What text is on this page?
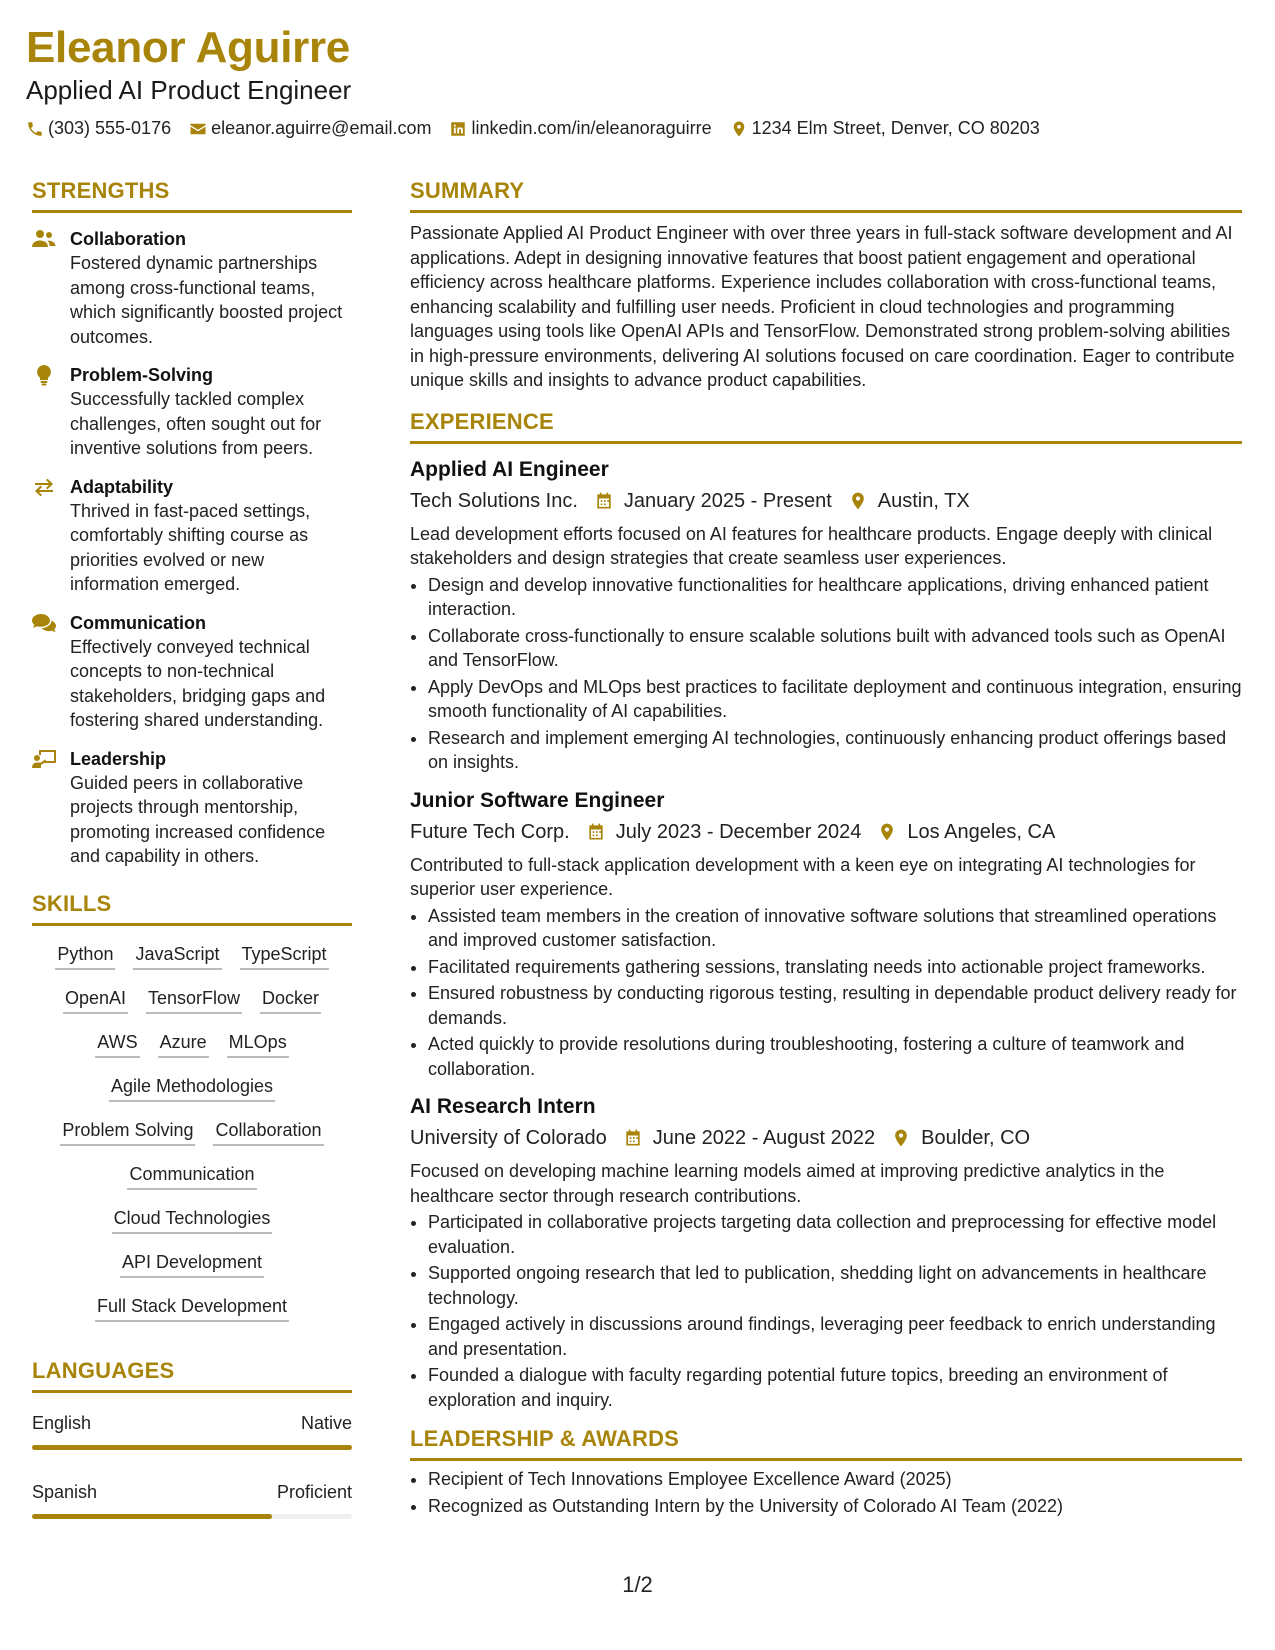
Eleanor Aguirre
Applied AI Product Engineer
(303) 555-0176 eleanor.aguirre@email.com linkedin.com/in/eleanoraguirre 1234 Elm Street, Denver, CO 80203
STRENGTHS
Collaboration
Fostered dynamic partnerships among cross-functional teams, which significantly boosted project outcomes.
Problem-Solving
Successfully tackled complex challenges, often sought out for inventive solutions from peers.
Adaptability
Thrived in fast-paced settings, comfortably shifting course as priorities evolved or new information emerged.
Communication
Effectively conveyed technical concepts to non-technical stakeholders, bridging gaps and fostering shared understanding.
Leadership
Guided peers in collaborative projects through mentorship, promoting increased confidence and capability in others.
SKILLS
Python JavaScript TypeScript
OpenAI TensorFlow Docker
AWS Azure MLOps
Agile Methodologies
Problem Solving Collaboration
Communication
Cloud Technologies
API Development
Full Stack Development
LANGUAGES
English	Native
Spanish	Proficient
SUMMARY
Passionate Applied AI Product Engineer with over three years in full-stack software development and AI applications. Adept in designing innovative features that boost patient engagement and operational efficiency across healthcare platforms. Experience includes collaboration with cross-functional teams, enhancing scalability and fulfilling user needs. Proficient in cloud technologies and programming languages using tools like OpenAI APIs and TensorFlow. Demonstrated strong problem-solving abilities in high-pressure environments, delivering AI solutions focused on care coordination. Eager to contribute unique skills and insights to advance product capabilities.
EXPERIENCE
Applied AI Engineer
Tech Solutions Inc. January 2025 - Present Austin, TX
Lead development efforts focused on AI features for healthcare products. Engage deeply with clinical stakeholders and design strategies that create seamless user experiences.
• Design and develop innovative functionalities for healthcare applications, driving enhanced patient interaction.
• Collaborate cross-functionally to ensure scalable solutions built with advanced tools such as OpenAI and TensorFlow.
• Apply DevOps and MLOps best practices to facilitate deployment and continuous integration, ensuring smooth functionality of AI capabilities.
• Research and implement emerging AI technologies, continuously enhancing product offerings based on insights.
Junior Software Engineer
Future Tech Corp. July 2023 - December 2024 Los Angeles, CA
Contributed to full-stack application development with a keen eye on integrating AI technologies for superior user experience.
• Assisted team members in the creation of innovative software solutions that streamlined operations and improved customer satisfaction.
• Facilitated requirements gathering sessions, translating needs into actionable project frameworks.
• Ensured robustness by conducting rigorous testing, resulting in dependable product delivery ready for demands.
• Acted quickly to provide resolutions during troubleshooting, fostering a culture of teamwork and collaboration.
AI Research Intern
University of Colorado June 2022 - August 2022 Boulder, CO
Focused on developing machine learning models aimed at improving predictive analytics in the healthcare sector through research contributions.
• Participated in collaborative projects targeting data collection and preprocessing for effective model evaluation.
• Supported ongoing research that led to publication, shedding light on advancements in healthcare technology.
• Engaged actively in discussions around findings, leveraging peer feedback to enrich understanding and presentation.
• Founded a dialogue with faculty regarding potential future topics, breeding an environment of exploration and inquiry.
LEADERSHIP & AWARDS
• Recipient of Tech Innovations Employee Excellence Award (2025)
• Recognized as Outstanding Intern by the University of Colorado AI Team (2022)
1/2
